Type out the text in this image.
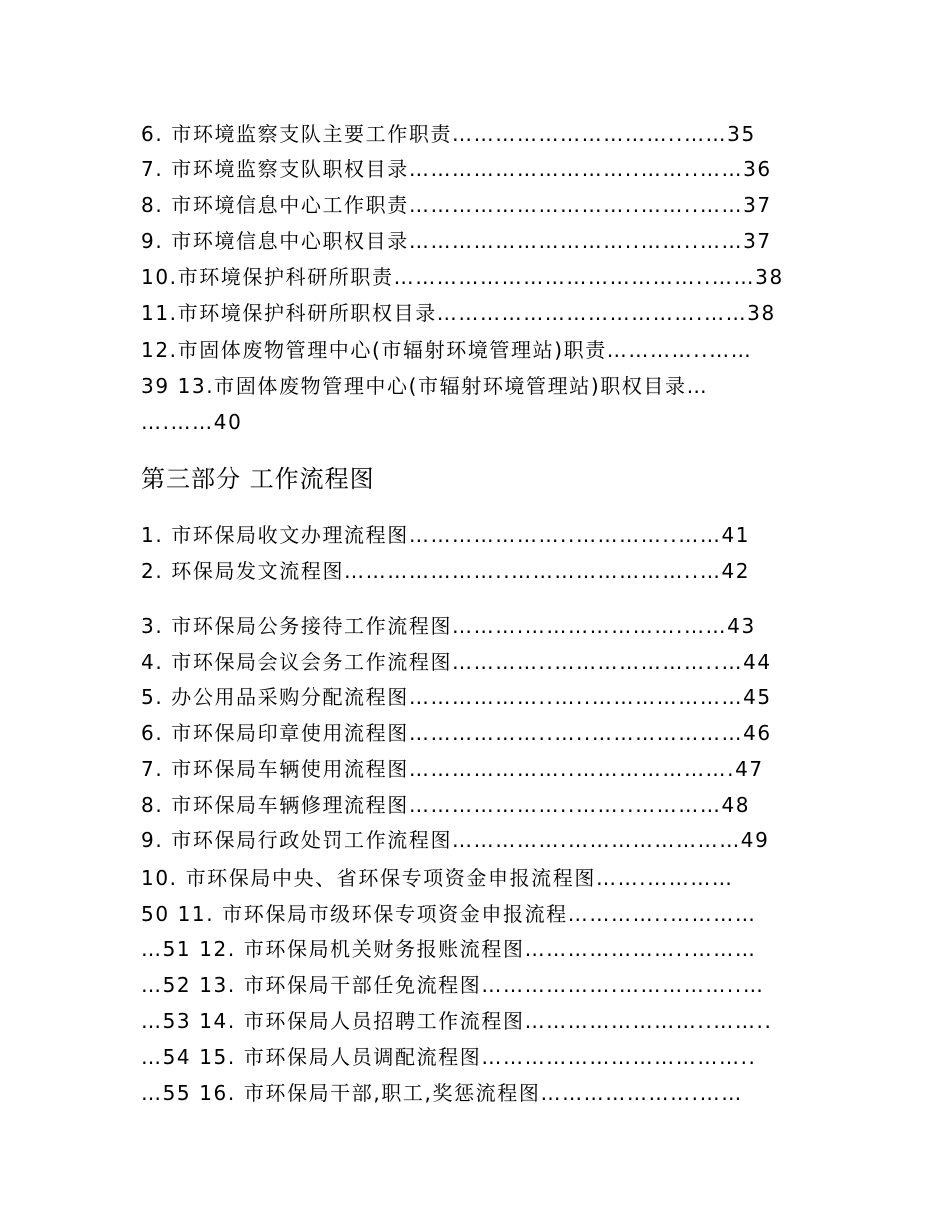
6. 市环境监察支队主要工作职责…………………………..……35
7. 市环境监察支队职权目录…………………………..……..……36
8. 市环境信息中心工作职责…………………………..……..……37
9. 市环境信息中心职权目录…………………………..……..……37
10.市环境保护科研所职责……………………………………..……38
11.市环境保护科研所职权目录……………………………….……38
12.市固体废物管理中心(市辐射环境管理站)职责…………..……
39 13.市固体废物管理中心(市辐射环境管理站)职权目录…
….……40
第三部分 工作流程图
1. 市环保局收文办理流程图…………………..…………..……41
2. 环保局发文流程图…………………..……………………..…42
3. 市环保局公务接待工作流程图……….………………….……43
4. 市环保局会议会务工作流程图…………..…………………..…44
5. 办公用品采购分配流程图………………..…..…………………45
6. 市环保局印章使用流程图………………..…..…………………46
7. 市环保局车辆使用流程图…………………..………………….47
8. 市环保局车辆修理流程图…………………..……..…………48
9. 市环保局行政处罚工作流程图…………….……………………49
10. 市环保局中央、省环保专项资金申报流程图…….…………
50 11. 市环保局市级环保专项资金申报流程…………..…………
…51 12. 市环保局机关财务报账流程图…………………..………
…52 13. 市环保局干部任免流程图……………….……………..…
…53 14. 市环保局人员招聘工作流程图……………………..……..
…54 15. 市环保局人员调配流程图………………………………..
…55 16. 市环保局干部,职工,奖惩流程图………………….……
